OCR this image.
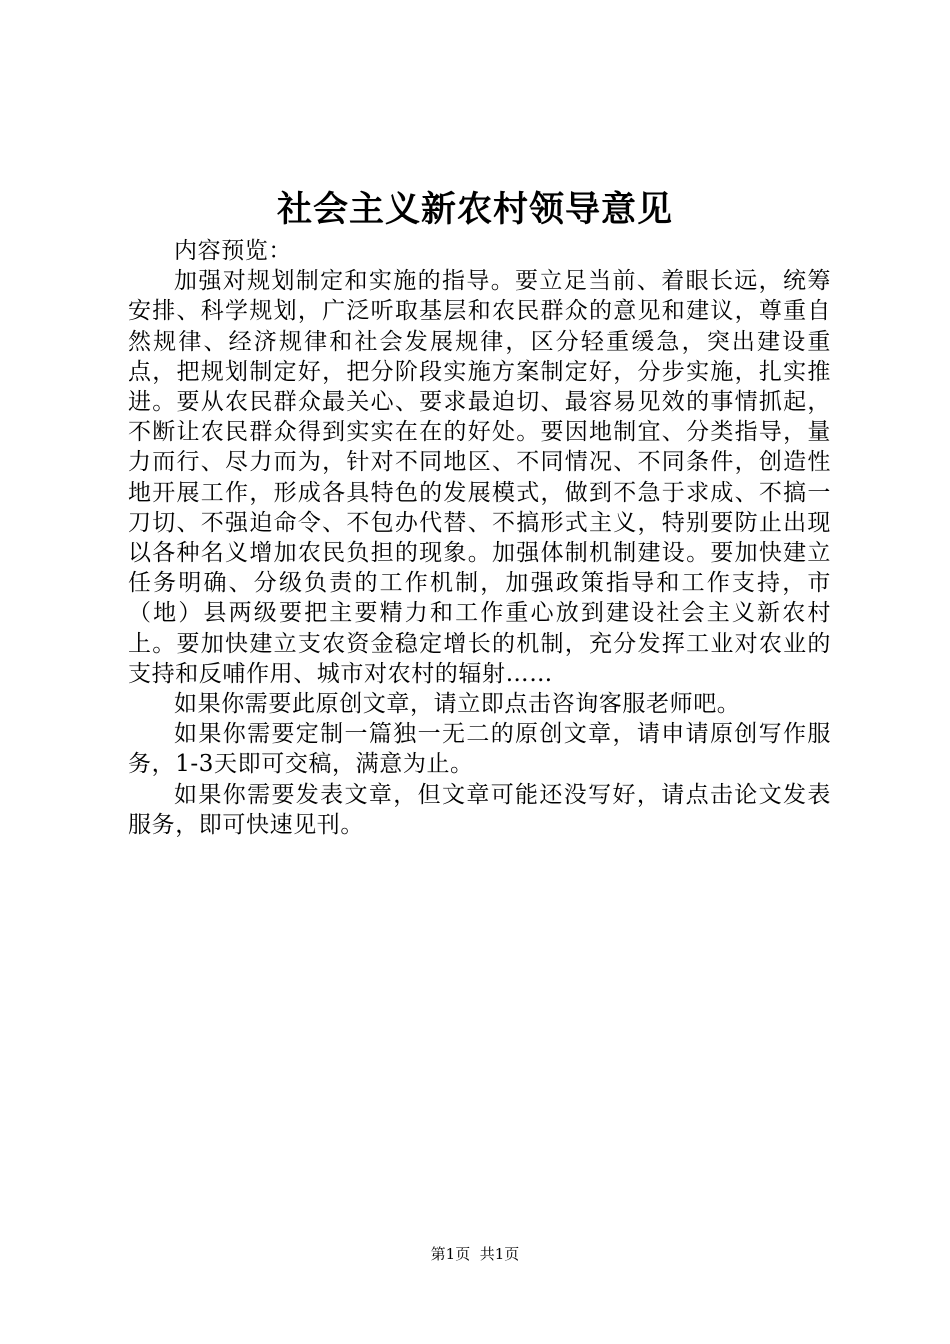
社会主义新农村领导意见

内容预览：

加强对规划制定和实施的指导。要立足当前、着眼长远，统筹安排、科学规划，广泛听取基层和农民群众的意见和建议，尊重自然规律、经济规律和社会发展规律，区分轻重缓急，突出建设重点，把规划制定好，把分阶段实施方案制定好，分步实施，扎实推进。要从农民群众最关心、要求最迫切、最容易见效的事情抓起，不断让农民群众得到实实在在的好处。要因地制宜、分类指导，量力而行、尽力而为，针对不同地区、不同情况、不同条件，创造性地开展工作，形成各具特色的发展模式，做到不急于求成、不搞一刀切、不强迫命令、不包办代替、不搞形式主义，特别要防止出现以各种名义增加农民负担的现象。加强体制机制建设。要加快建立任务明确、分级负责的工作机制，加强政策指导和工作支持，市（地）县两级要把主要精力和工作重心放到建设社会主义新农村上。要加快建立支农资金稳定增长的机制，充分发挥工业对农业的支持和反哺作用、城市对农村的辐射……

如果你需要此原创文章，请立即点击咨询客服老师吧。

如果你需要定制一篇独一无二的原创文章，请申请原创写作服务，1-3天即可交稿，满意为止。

如果你需要发表文章，但文章可能还没写好，请点击论文发表服务，即可快速见刊。

第1页 共1页
